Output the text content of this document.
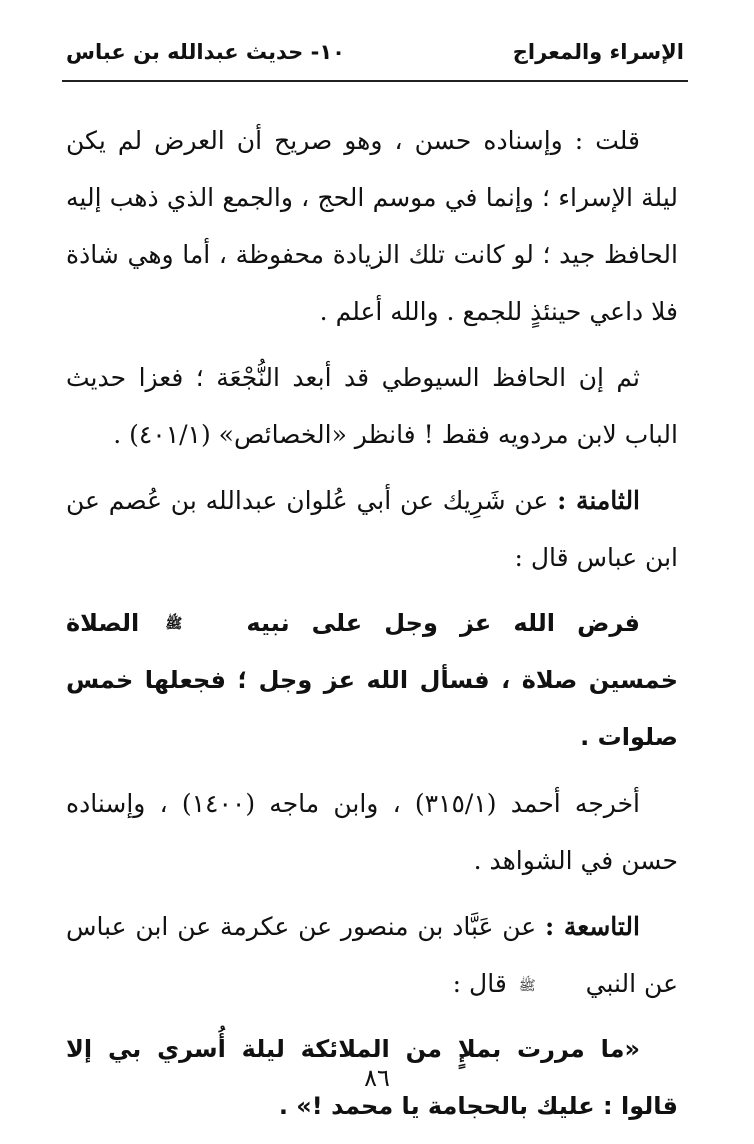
الإسراء والمعراج
١٠- حديث عبدالله بن عباس

قلت : وإسناده حسن ، وهو صريح أن العرض لم يكن ليلة الإسراء ؛ وإنما في موسم الحج ، والجمع الذي ذهب إليه الحافظ جيد ؛ لو كانت تلك الزيادة محفوظة ، أما وهي شاذة فلا داعي حينئذٍ للجمع . والله أعلم .

ثم إن الحافظ السيوطي قد أبعد النُّجْعَة ؛ فعزا حديث الباب لابن مردويه فقط ! فانظر «الخصائص» (٤٠١/١) .

الثامنة : عن شَرِيك عن أبي عُلوان عبدالله بن عُصم عن ابن عباس قال :

فرض الله عز وجل على نبيه ﷺ الصلاة خمسين صلاة ، فسأل الله عز وجل ؛ فجعلها خمس صلوات .

أخرجه أحمد (٣١٥/١) ، وابن ماجه (١٤٠٠) ، وإسناده حسن في الشواهد .

التاسعة : عن عَبَّاد بن منصور عن عكرمة عن ابن عباس عن النبي ﷺ قال :

«ما مررت بملإٍ من الملائكة ليلة أُسري بي إلا قالوا : عليك بالحجامة يا محمد !» .

٨٦
